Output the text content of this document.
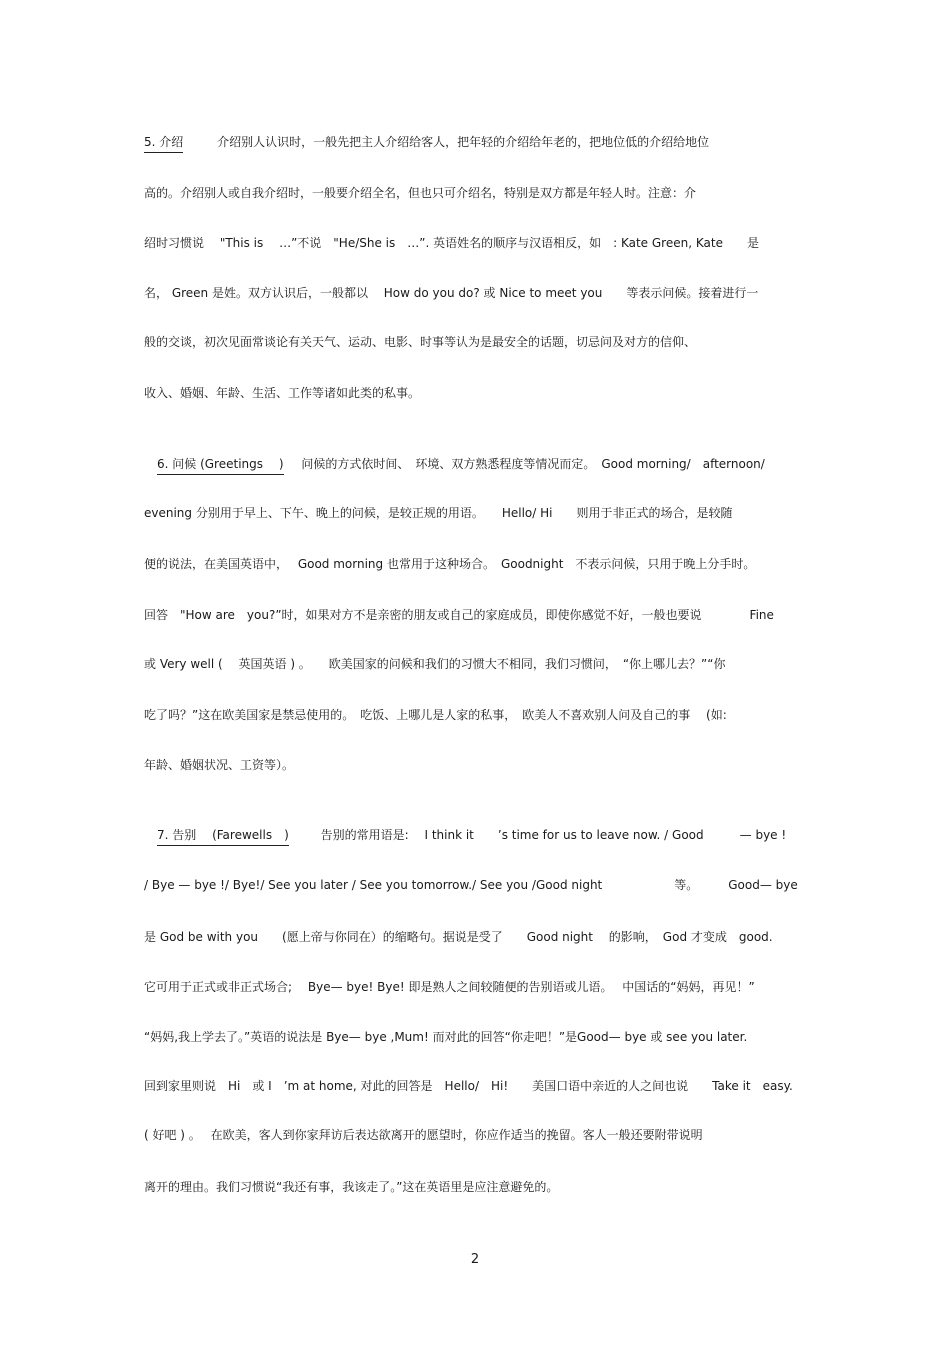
5. 介绍	介绍别人认识时，一般先把主人介绍给客人，把年轻的介绍给年老的，把地位低的介绍给地位
高的。介绍别人或自我介绍时，一般要介绍全名，但也只可介绍名，特别是双方都是年轻人时。注意：介
绍时习惯说　 "This is　 …”不说　"He/She is　…”. 英语姓名的顺序与汉语相反，如　: Kate Green, Kate　　是
名， Green 是姓。双方认识后，一般都以　 How do you do? 或 Nice to meet you　　等表示问候。接着进行一
般的交谈，初次见面常谈论有关天气、运动、电影、时事等认为是最安全的话题，切忌问及对方的信仰、
收入、婚姻、年龄、生活、工作等诸如此类的私事。
6. 问候 (Greetings　 ) 问候的方式依时间、　环境、双方熟悉程度等情况而定。　Good morning/　afternoon/
evening 分别用于早上、下午、晚上的问候，是较正规的用语。　　Hello/ Hi　　则用于非正式的场合，是较随
便的说法，在美国英语中，　 Good morning 也常用于这种场合。　Goodnight　不表示问候，只用于晚上分手时。
回答　"How are　you?”时，如果对方不是亲密的朋友或自己的家庭成员，即使你感觉不好，一般也要说　　　　Fine
或 Very well (　 英国英语 ) 。　　欧美国家的问候和我们的习惯大不相同，我们习惯问，　“你上哪儿去？”“你
吃了吗？”这在欧美国家是禁忌使用的。　吃饭、上哪儿是人家的私事，　欧美人不喜欢别人问及自己的事　 (如:
年龄、婚姻状况、工资等）。
7. 告别　 (Farewells　)	告别的常用语是:　 I think it　　’s time for us to leave now. / Good　　　— bye !
/ Bye — bye !/ Bye!/ See you later / See you tomorrow./ See you /Good night　　　　　　等。　　　Good— bye
是 God be with you　　(愿上帝与你同在）的缩略句。据说是受了　　Good night　 的影响，　God 才变成　good.
它可用于正式或非正式场合;　 Bye— bye! Bye! 即是熟人之间较随便的告别语或儿语。　 中国话的“妈妈，再见！”
“妈妈,我上学去了。”英语的说法是 Bye— bye ,Mum! 而对此的回答“你走吧！”是Good— bye 或 see you later.
回到家里则说　Hi　或 I　’m at home, 对此的回答是　Hello/　Hi!　　美国口语中亲近的人之间也说　　Take it　easy.
( 好吧 ) 。　 在欧美，客人到你家拜访后表达欲离开的愿望时，你应作适当的挽留。客人一般还要附带说明
离开的理由。我们习惯说“我还有事，我该走了。”这在英语里是应注意避免的。
2
